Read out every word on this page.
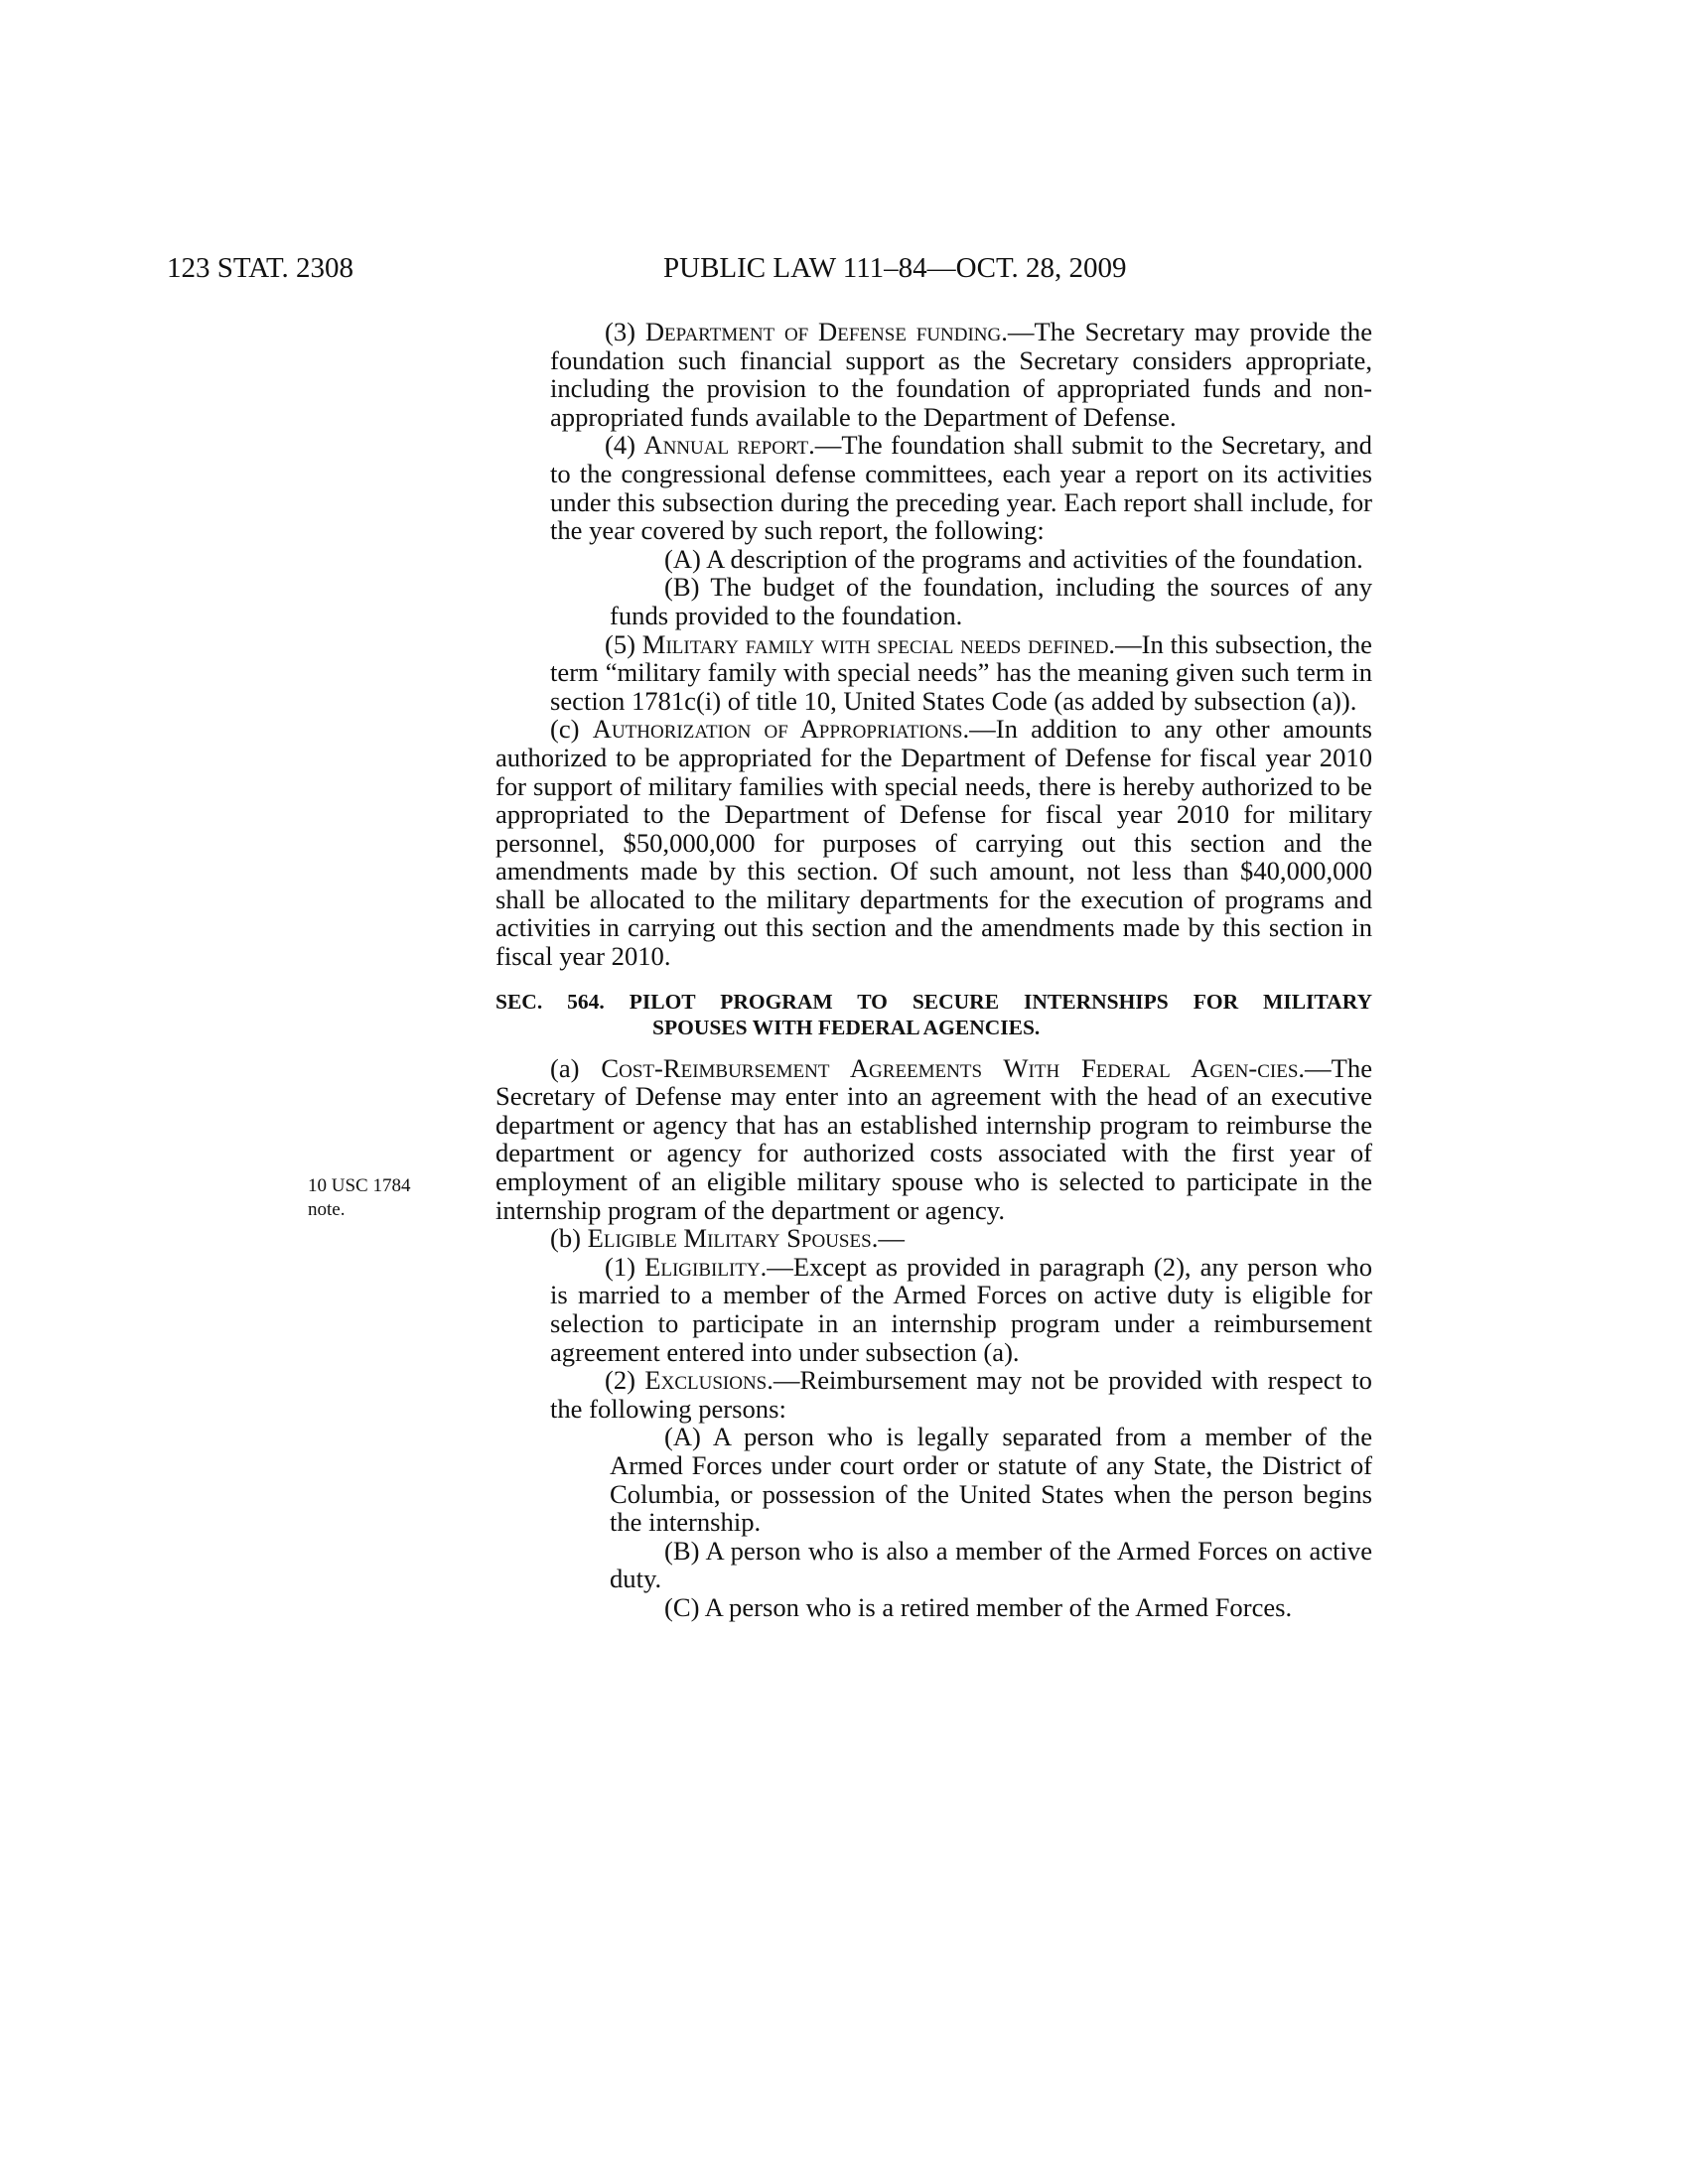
123 STAT. 2308	PUBLIC LAW 111–84—OCT. 28, 2009
10 USC 1784
note.

(3) Department of Defense funding.—The Secretary may provide the foundation such financial support as the Secretary considers appropriate, including the provision to the foundation of appropriated funds and non-appropriated funds available to the Department of Defense.

(4) Annual report.—The foundation shall submit to the Secretary, and to the congressional defense committees, each year a report on its activities under this subsection during the preceding year. Each report shall include, for the year covered by such report, the following:

(A) A description of the programs and activities of the foundation.

(B) The budget of the foundation, including the sources of any funds provided to the foundation.

(5) Military family with special needs defined.—In this subsection, the term “military family with special needs” has the meaning given such term in section 1781c(i) of title 10, United States Code (as added by subsection (a)).

(c) Authorization of Appropriations.—In addition to any other amounts authorized to be appropriated for the Department of Defense for fiscal year 2010 for support of military families with special needs, there is hereby authorized to be appropriated to the Department of Defense for fiscal year 2010 for military personnel, $50,000,000 for purposes of carrying out this section and the amendments made by this section. Of such amount, not less than $40,000,000 shall be allocated to the military departments for the execution of programs and activities in carrying out this section and the amendments made by this section in fiscal year 2010.

SEC. 564. PILOT PROGRAM TO SECURE INTERNSHIPS FOR MILITARY
SPOUSES WITH FEDERAL AGENCIES.

(a) Cost-Reimbursement Agreements With Federal Agen-cies.—The Secretary of Defense may enter into an agreement with the head of an executive department or agency that has an established internship program to reimburse the department or agency for authorized costs associated with the first year of employment of an eligible military spouse who is selected to participate in the internship program of the department or agency.

(b) Eligible Military Spouses.—

(1) Eligibility.—Except as provided in paragraph (2), any person who is married to a member of the Armed Forces on active duty is eligible for selection to participate in an internship program under a reimbursement agreement entered into under subsection (a).

(2) Exclusions.—Reimbursement may not be provided with respect to the following persons:

(A) A person who is legally separated from a member of the Armed Forces under court order or statute of any State, the District of Columbia, or possession of the United States when the person begins the internship.

(B) A person who is also a member of the Armed Forces on active duty.

(C) A person who is a retired member of the Armed Forces.
